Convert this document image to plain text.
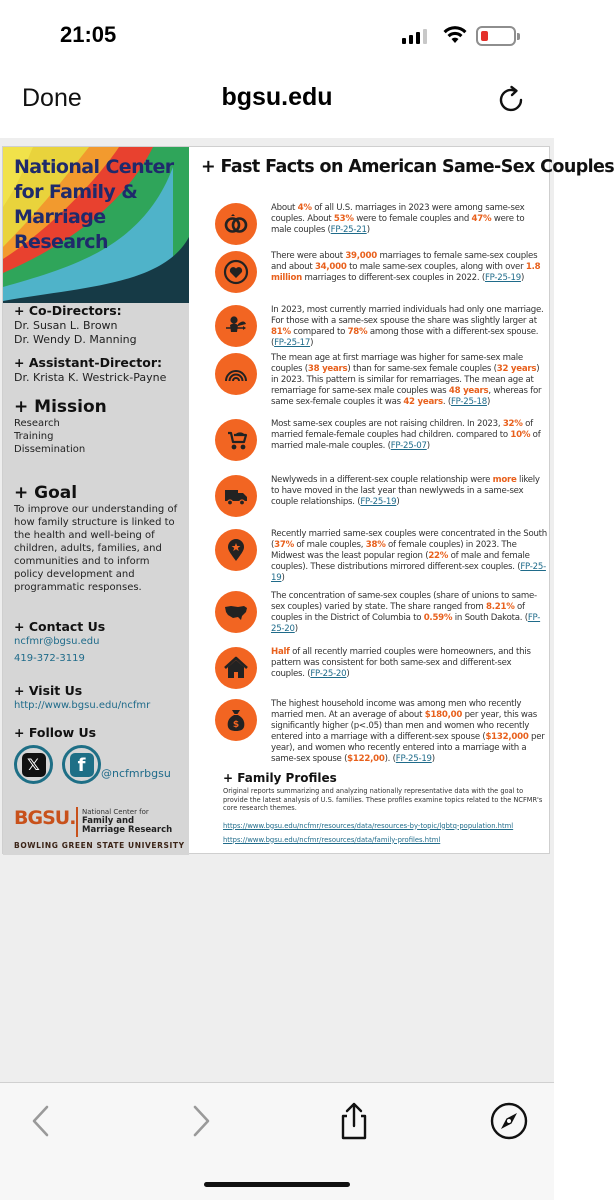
21:05
Done	bgsu.edu
National Center
for Family &
Marriage
Research
+ Co-Directors:
Dr. Susan L. Brown
Dr. Wendy D. Manning
+ Assistant-Director:
Dr. Krista K. Westrick-Payne
+ Mission
Research
Training
Dissemination
+ Goal
To improve our understanding of
how family structure is linked to
the health and well-being of
children, adults, families, and
communities and to inform
policy development and
programmatic responses.
+ Contact Us
ncfmr@bgsu.edu
419-372-3119
+ Visit Us
http://www.bgsu.edu/ncfmr
+ Follow Us
𝕏	f	@ncfmrbgsu
BGSU. National Center for
Family and
Marriage Research
BOWLING GREEN STATE UNIVERSITY
+ Fast Facts on American Same-Sex Couples
About 4% of all U.S. marriages in 2023 were among same-sex couples. About 53% were to female couples and 47% were to male couples (FP-25-21)
There were about 39,000 marriages to female same-sex couples and about 34,000 to male same-sex couples, along with over 1.8 million marriages to different-sex couples in 2022. (FP-25-19)
In 2023, most currently married individuals had only one marriage. For those with a same-sex spouse the share was slightly larger at 81% compared to 78% among those with a different-sex spouse. (FP-25-17)
The mean age at first marriage was higher for same-sex male couples (38 years) than for same-sex female couples (32 years) in 2023. This pattern is similar for remarriages. The mean age at remarriage for same-sex male couples was 48 years, whereas for same sex-female couples it was 42 years. (FP-25-18)
Most same-sex couples are not raising children. In 2023, 32% of married female-female couples had children. compared to 10% of married male-male couples. (FP-25-07)
Newlyweds in a different-sex couple relationship were more likely to have moved in the last year than newlyweds in a same-sex couple relationships. (FP-25-19)
Recently married same-sex couples were concentrated in the South (37% of male couples, 38% of female couples) in 2023. The Midwest was the least popular region (22% of male and female couples). These distributions mirrored different-sex couples. (FP-25-19)
The concentration of same-sex couples (share of unions to same-sex couples) varied by state. The share ranged from 8.21% of couples in the District of Columbia to 0.59% in South Dakota. (FP-25-20)
Half of all recently married couples were homeowners, and this pattern was consistent for both same-sex and different-sex couples. (FP-25-20)
$
The highest household income was among men who recently married men. At an average of about $180,00 per year, this was significantly higher (p<.05) than men and women who recently entered into a marriage with a different-sex spouse ($132,000 per year), and women who recently entered into a marriage with a same-sex spouse ($122,00). (FP-25-19)
+ Family Profiles
Original reports summarizing and analyzing nationally representative data with the goal to provide the latest analysis of U.S. families. These profiles examine topics related to the NCFMR's core research themes.
https://www.bgsu.edu/ncfmr/resources/data/resources-by-topic/lgbtq-population.html
https://www.bgsu.edu/ncfmr/resources/data/family-profiles.html
